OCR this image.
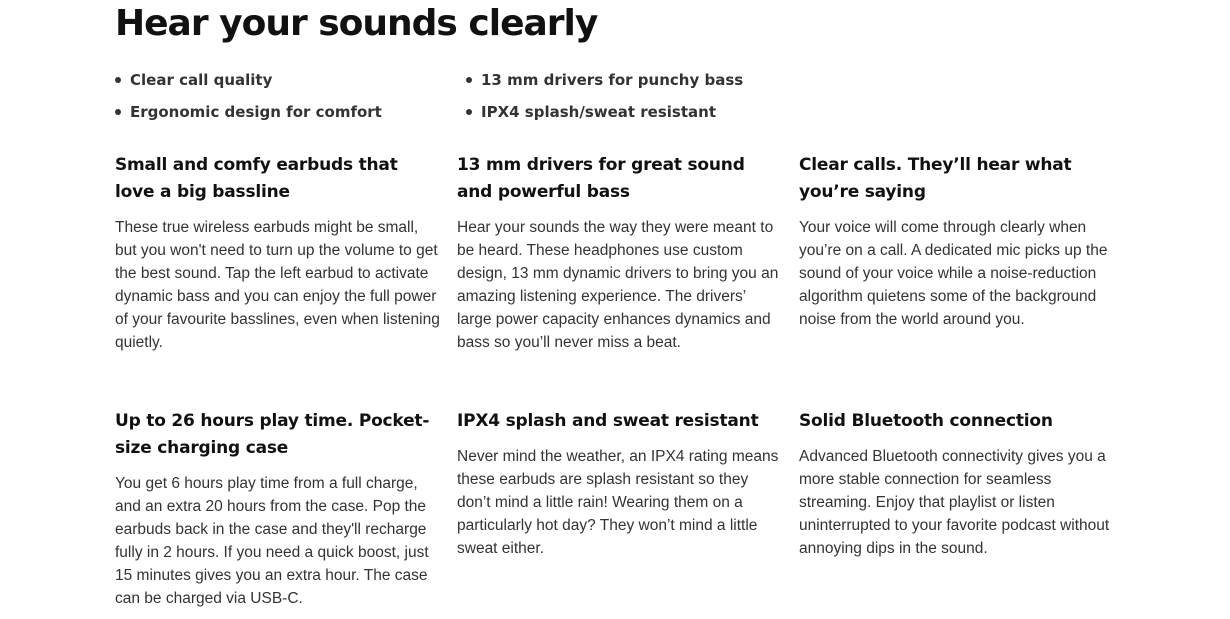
Hear your sounds clearly
Clear call quality	13 mm drivers for punchy bass
Ergonomic design for comfort	IPX4 splash/sweat resistant
Small and comfy earbuds that love a big bassline

These true wireless earbuds might be small, but you won't need to turn up the volume to get the best sound. Tap the left earbud to activate dynamic bass and you can enjoy the full power of your favourite basslines, even when listening quietly.

13 mm drivers for great sound and powerful bass

Hear your sounds the way they were meant to be heard. These headphones use custom design, 13 mm dynamic drivers to bring you an amazing listening experience. The drivers’ large power capacity enhances dynamics and bass so you’ll never miss a beat.

Clear calls. They’ll hear what you’re saying

Your voice will come through clearly when you’re on a call. A dedicated mic picks up the sound of your voice while a noise-reduction algorithm quietens some of the background noise from the world around you.

Up to 26 hours play time. Pocket-size charging case

You get 6 hours play time from a full charge, and an extra 20 hours from the case. Pop the earbuds back in the case and they'll recharge fully in 2 hours. If you need a quick boost, just 15 minutes gives you an extra hour. The case can be charged via USB-C.

IPX4 splash and sweat resistant

Never mind the weather, an IPX4 rating means these earbuds are splash resistant so they don’t mind a little rain! Wearing them on a particularly hot day? They won’t mind a little sweat either.

Solid Bluetooth connection

Advanced Bluetooth connectivity gives you a more stable connection for seamless streaming. Enjoy that playlist or listen uninterrupted to your favorite podcast without annoying dips in the sound.
